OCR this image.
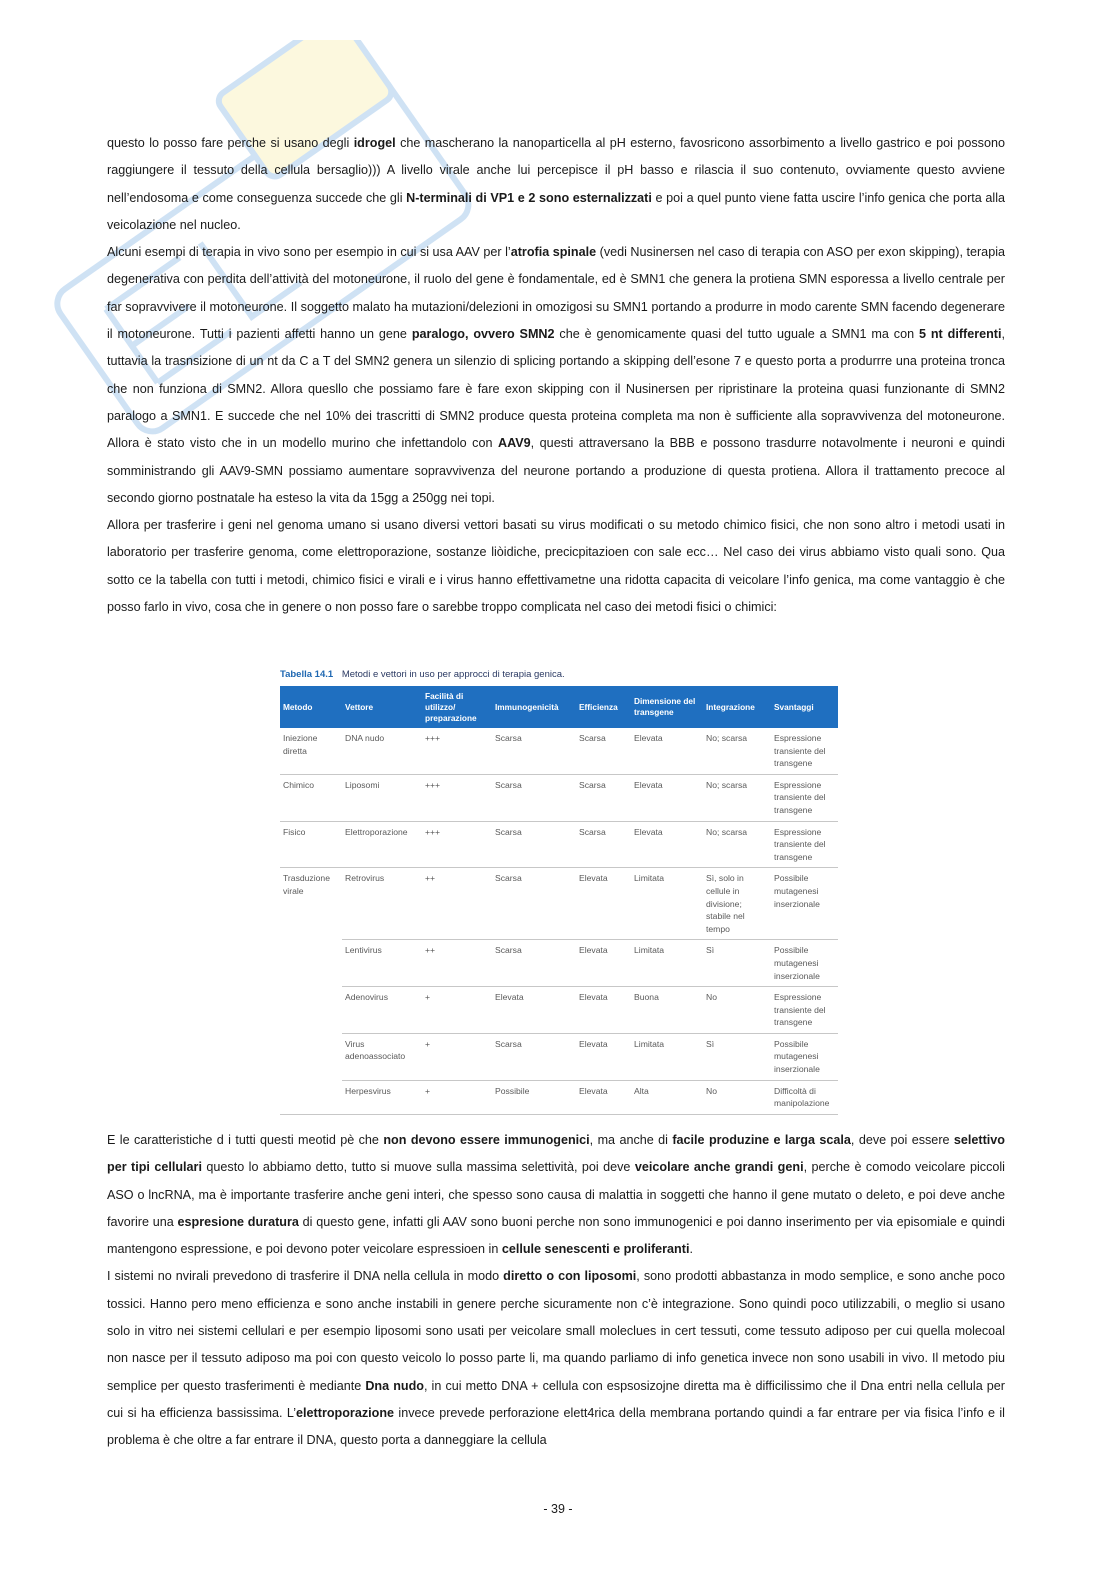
questo lo posso fare perche si usano degli idrogel che mascherano la nanoparticella al pH esterno, favosricono assorbimento a livello gastrico e poi possono raggiungere il tessuto della cellula bersaglio))) A livello virale anche lui percepisce il pH basso e rilascia il suo contenuto, ovviamente questo avviene nell’endosoma e come conseguenza succede che gli N-terminali di VP1 e 2 sono esternalizzati e poi a quel punto viene fatta uscire l’info genica che porta alla veicolazione nel nucleo.

Alcuni esempi di terapia in vivo sono per esempio in cui si usa AAV per l’atrofia spinale (vedi Nusinersen nel caso di terapia con ASO per exon skipping), terapia degenerativa con perdita dell’attività del motoneurone, il ruolo del gene è fondamentale, ed è SMN1 che genera la protiena SMN esporessa a livello centrale per far sopravvivere il motoneurone. Il soggetto malato ha mutazioni/delezioni in omozigosi su SMN1 portando a produrre in modo carente SMN facendo degenerare il motoneurone. Tutti i pazienti affetti hanno un gene paralogo, ovvero SMN2 che è genomicamente quasi del tutto uguale a SMN1 ma con 5 nt differenti, tuttavia la trasnsizione di un nt da C a T del SMN2 genera un silenzio di splicing portando a skipping dell’esone 7 e questo porta a produrrre una proteina tronca che non funziona di SMN2. Allora quesllo che possiamo fare è fare exon skipping con il Nusinersen per ripristinare la proteina quasi funzionante di SMN2 paralogo a SMN1. E succede che nel 10% dei trascritti di SMN2 produce questa proteina completa ma non è sufficiente alla sopravvivenza del motoneurone. Allora è stato visto che in un modello murino che infettandolo con AAV9, questi attraversano la BBB e possono trasdurre notavolmente i neuroni e quindi somministrando gli AAV9-SMN possiamo aumentare sopravvivenza del neurone portando a produzione di questa protiena. Allora il trattamento precoce al secondo giorno postnatale ha esteso la vita da 15gg a 250gg nei topi.

Allora per trasferire i geni nel genoma umano si usano diversi vettori basati su virus modificati o su metodo chimico fisici, che non sono altro i metodi usati in laboratorio per trasferire genoma, come elettroporazione, sostanze liòidiche, precicpitazioen con sale ecc… Nel caso dei virus abbiamo visto quali sono. Qua sotto ce la tabella con tutti i metodi, chimico fisici e virali e i virus hanno effettivametne una ridotta capacita di veicolare l’info genica, ma come vantaggio è che posso farlo in vivo, cosa che in genere o non posso fare o sarebbe troppo complicata nel caso dei metodi fisici o chimici:

Tabella 14.1 Metodi e vettori in uso per approcci di terapia genica.
Metodo	Vettore	Facilità di utilizzo/ preparazione	Immunogenicità	Efficienza	Dimensione del transgene	Integrazione	Svantaggi
Iniezione diretta	DNA nudo	+++	Scarsa	Scarsa	Elevata	No; scarsa	Espressione transiente del transgene
Chimico	Liposomi	+++	Scarsa	Scarsa	Elevata	No; scarsa	Espressione transiente del transgene
Fisico	Elettroporazione	+++	Scarsa	Scarsa	Elevata	No; scarsa	Espressione transiente del transgene
Trasduzione virale	Retrovirus	++	Scarsa	Elevata	Limitata	Sì, solo in cellule in divisione; stabile nel tempo	Possibile mutagenesi inserzionale
	Lentivirus	++	Scarsa	Elevata	Limitata	Sì	Possibile mutagenesi inserzionale
	Adenovirus	+	Elevata	Elevata	Buona	No	Espressione transiente del transgene
	Virus adenoassociato	+	Scarsa	Elevata	Limitata	Sì	Possibile mutagenesi inserzionale
	Herpesvirus	+	Possibile	Elevata	Alta	No	Difficoltà di manipolazione

E le caratteristiche d i tutti questi meotid pè che non devono essere immunogenici, ma anche di facile produzine e larga scala, deve poi essere selettivo per tipi cellulari questo lo abbiamo detto, tutto si muove sulla massima selettività, poi deve veicolare anche grandi geni, perche è comodo veicolare piccoli ASO o lncRNA, ma è importante trasferire anche geni interi, che spesso sono causa di malattia in soggetti che hanno il gene mutato o deleto, e poi deve anche favorire una espresione duratura di questo gene, infatti gli AAV sono buoni perche non sono immunogenici e poi danno inserimento per via episomiale e quindi mantengono espressione, e poi devono poter veicolare espressioen in cellule senescenti e proliferanti.

I sistemi no nvirali prevedono di trasferire il DNA nella cellula in modo diretto o con liposomi, sono prodotti abbastanza in modo semplice, e sono anche poco tossici. Hanno pero meno efficienza e sono anche instabili in genere perche sicuramente non c’è integrazione. Sono quindi poco utilizzabili, o meglio si usano solo in vitro nei sistemi cellulari e per esempio liposomi sono usati per veicolare small moleclues in cert tessuti, come tessuto adiposo per cui quella molecoal non nasce per il tessuto adiposo ma poi con questo veicolo lo posso parte li, ma quando parliamo di info genetica invece non sono usabili in vivo. Il metodo piu semplice per questo trasferimenti è mediante Dna nudo, in cui metto DNA + cellula con espsosizojne diretta ma è difficilissimo che il Dna entri nella cellula per cui si ha efficienza bassissima. L’elettroporazione invece prevede perforazione elett4rica della membrana portando quindi a far entrare per via fisica l’info e il problema è che oltre a far entrare il DNA, questo porta a danneggiare la cellula

- 39 -
